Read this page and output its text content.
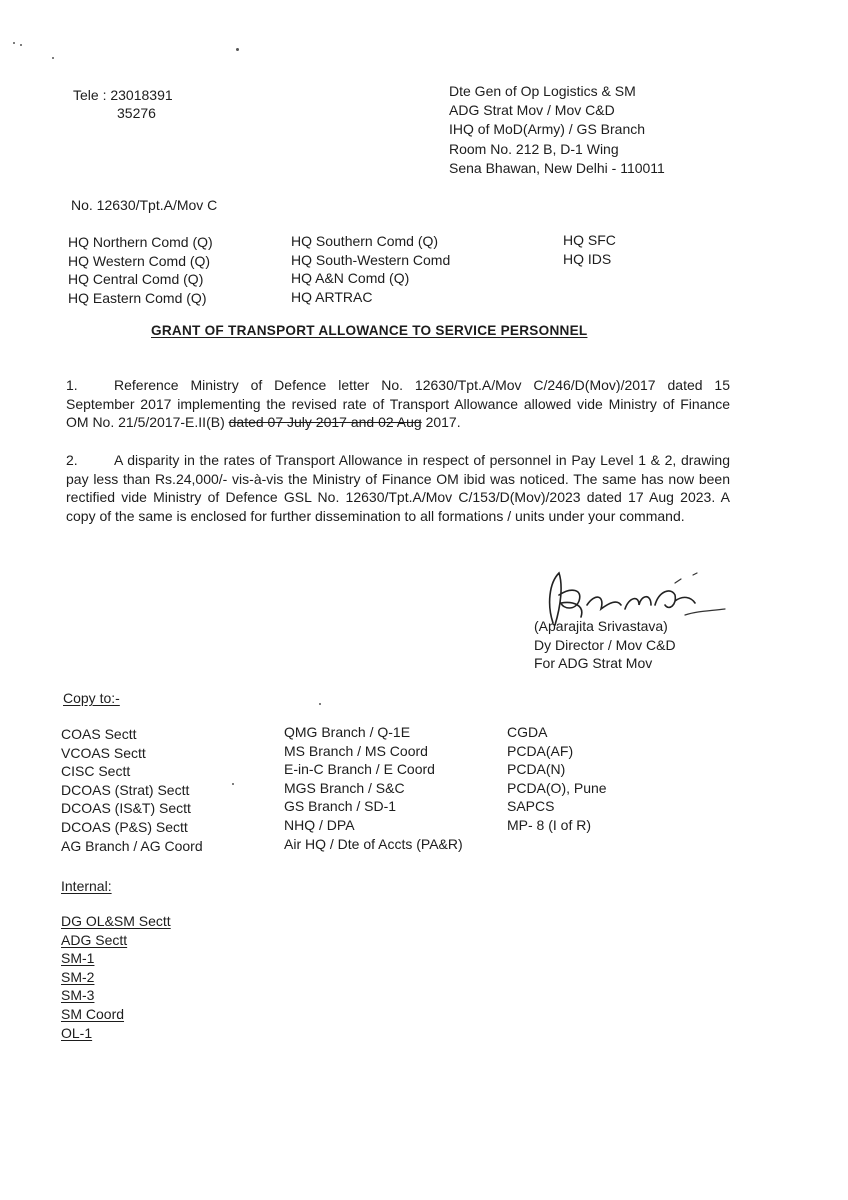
Tele : 23018391
35276
Dte Gen of Op Logistics & SM
ADG Strat Mov / Mov C&D
IHQ of MoD(Army) / GS Branch
Room No. 212 B, D-1 Wing
Sena Bhawan, New Delhi - 110011
No. 12630/Tpt.A/Mov C
HQ Northern Comd (Q)
HQ Western Comd (Q)
HQ Central Comd (Q)
HQ Eastern Comd (Q)
HQ Southern Comd (Q)
HQ South-Western Comd
HQ A&N Comd (Q)
HQ ARTRAC
HQ SFC
HQ IDS
GRANT OF TRANSPORT ALLOWANCE TO SERVICE PERSONNEL
1.	Reference Ministry of Defence letter No. 12630/Tpt.A/Mov C/246/D(Mov)/2017 dated 15 September 2017 implementing the revised rate of Transport Allowance allowed vide Ministry of Finance OM No. 21/5/2017-E.II(B) dated 07 July 2017 and 02 Aug 2017.
2.	A disparity in the rates of Transport Allowance in respect of personnel in Pay Level 1 & 2, drawing pay less than Rs.24,000/- vis-à-vis the Ministry of Finance OM ibid was noticed. The same has now been rectified vide Ministry of Defence GSL No. 12630/Tpt.A/Mov C/153/D(Mov)/2023 dated 17 Aug 2023. A copy of the same is enclosed for further dissemination to all formations / units under your command.
(Aparajita Srivastava)
Dy Director / Mov C&D
For ADG Strat Mov
Copy to:-
COAS Sectt
VCOAS Sectt
CISC Sectt
DCOAS (Strat) Sectt
DCOAS (IS&T) Sectt
DCOAS (P&S) Sectt
AG Branch / AG Coord
QMG Branch / Q-1E
MS Branch / MS Coord
E-in-C Branch / E Coord
MGS Branch / S&C
GS Branch / SD-1
NHQ / DPA
Air HQ / Dte of Accts (PA&R)
CGDA
PCDA(AF)
PCDA(N)
PCDA(O), Pune
SAPCS
MP- 8 (I of R)
Internal:
DG OL&SM Sectt
ADG Sectt
SM-1
SM-2
SM-3
SM Coord
OL-1
